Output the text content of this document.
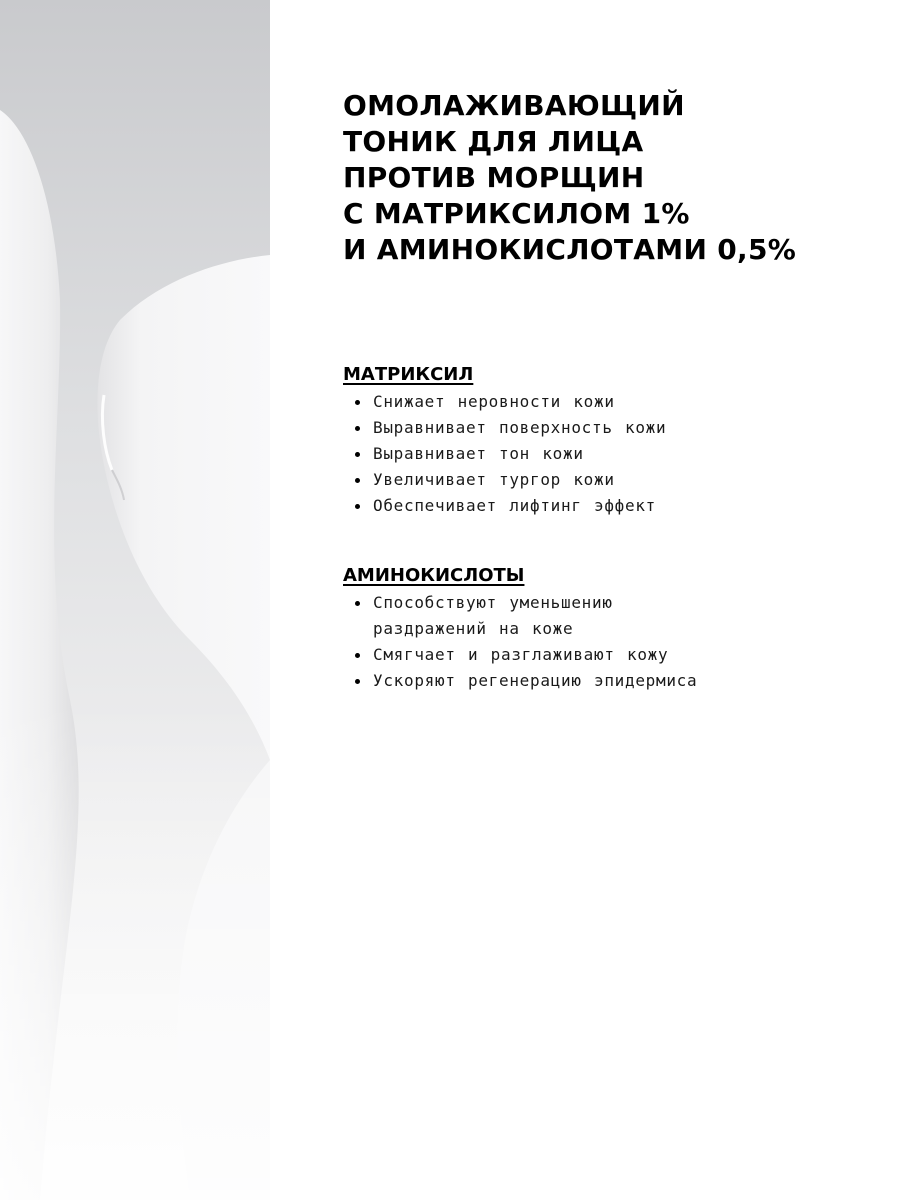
ОМОЛАЖИВАЮЩИЙ
ТОНИК ДЛЯ ЛИЦА
ПРОТИВ МОРЩИН
С МАТРИКСИЛОМ 1%
И АМИНОКИСЛОТАМИ 0,5%
МАТРИКСИЛ
Снижает неровности кожи
Выравнивает поверхность кожи
Выравнивает тон кожи
Увеличивает тургор кожи
Обеспечивает лифтинг эффект
АМИНОКИСЛОТЫ
Способствуют уменьшению раздражений на коже
Смягчает и разглаживают кожу
Ускоряют регенерацию эпидермиса
